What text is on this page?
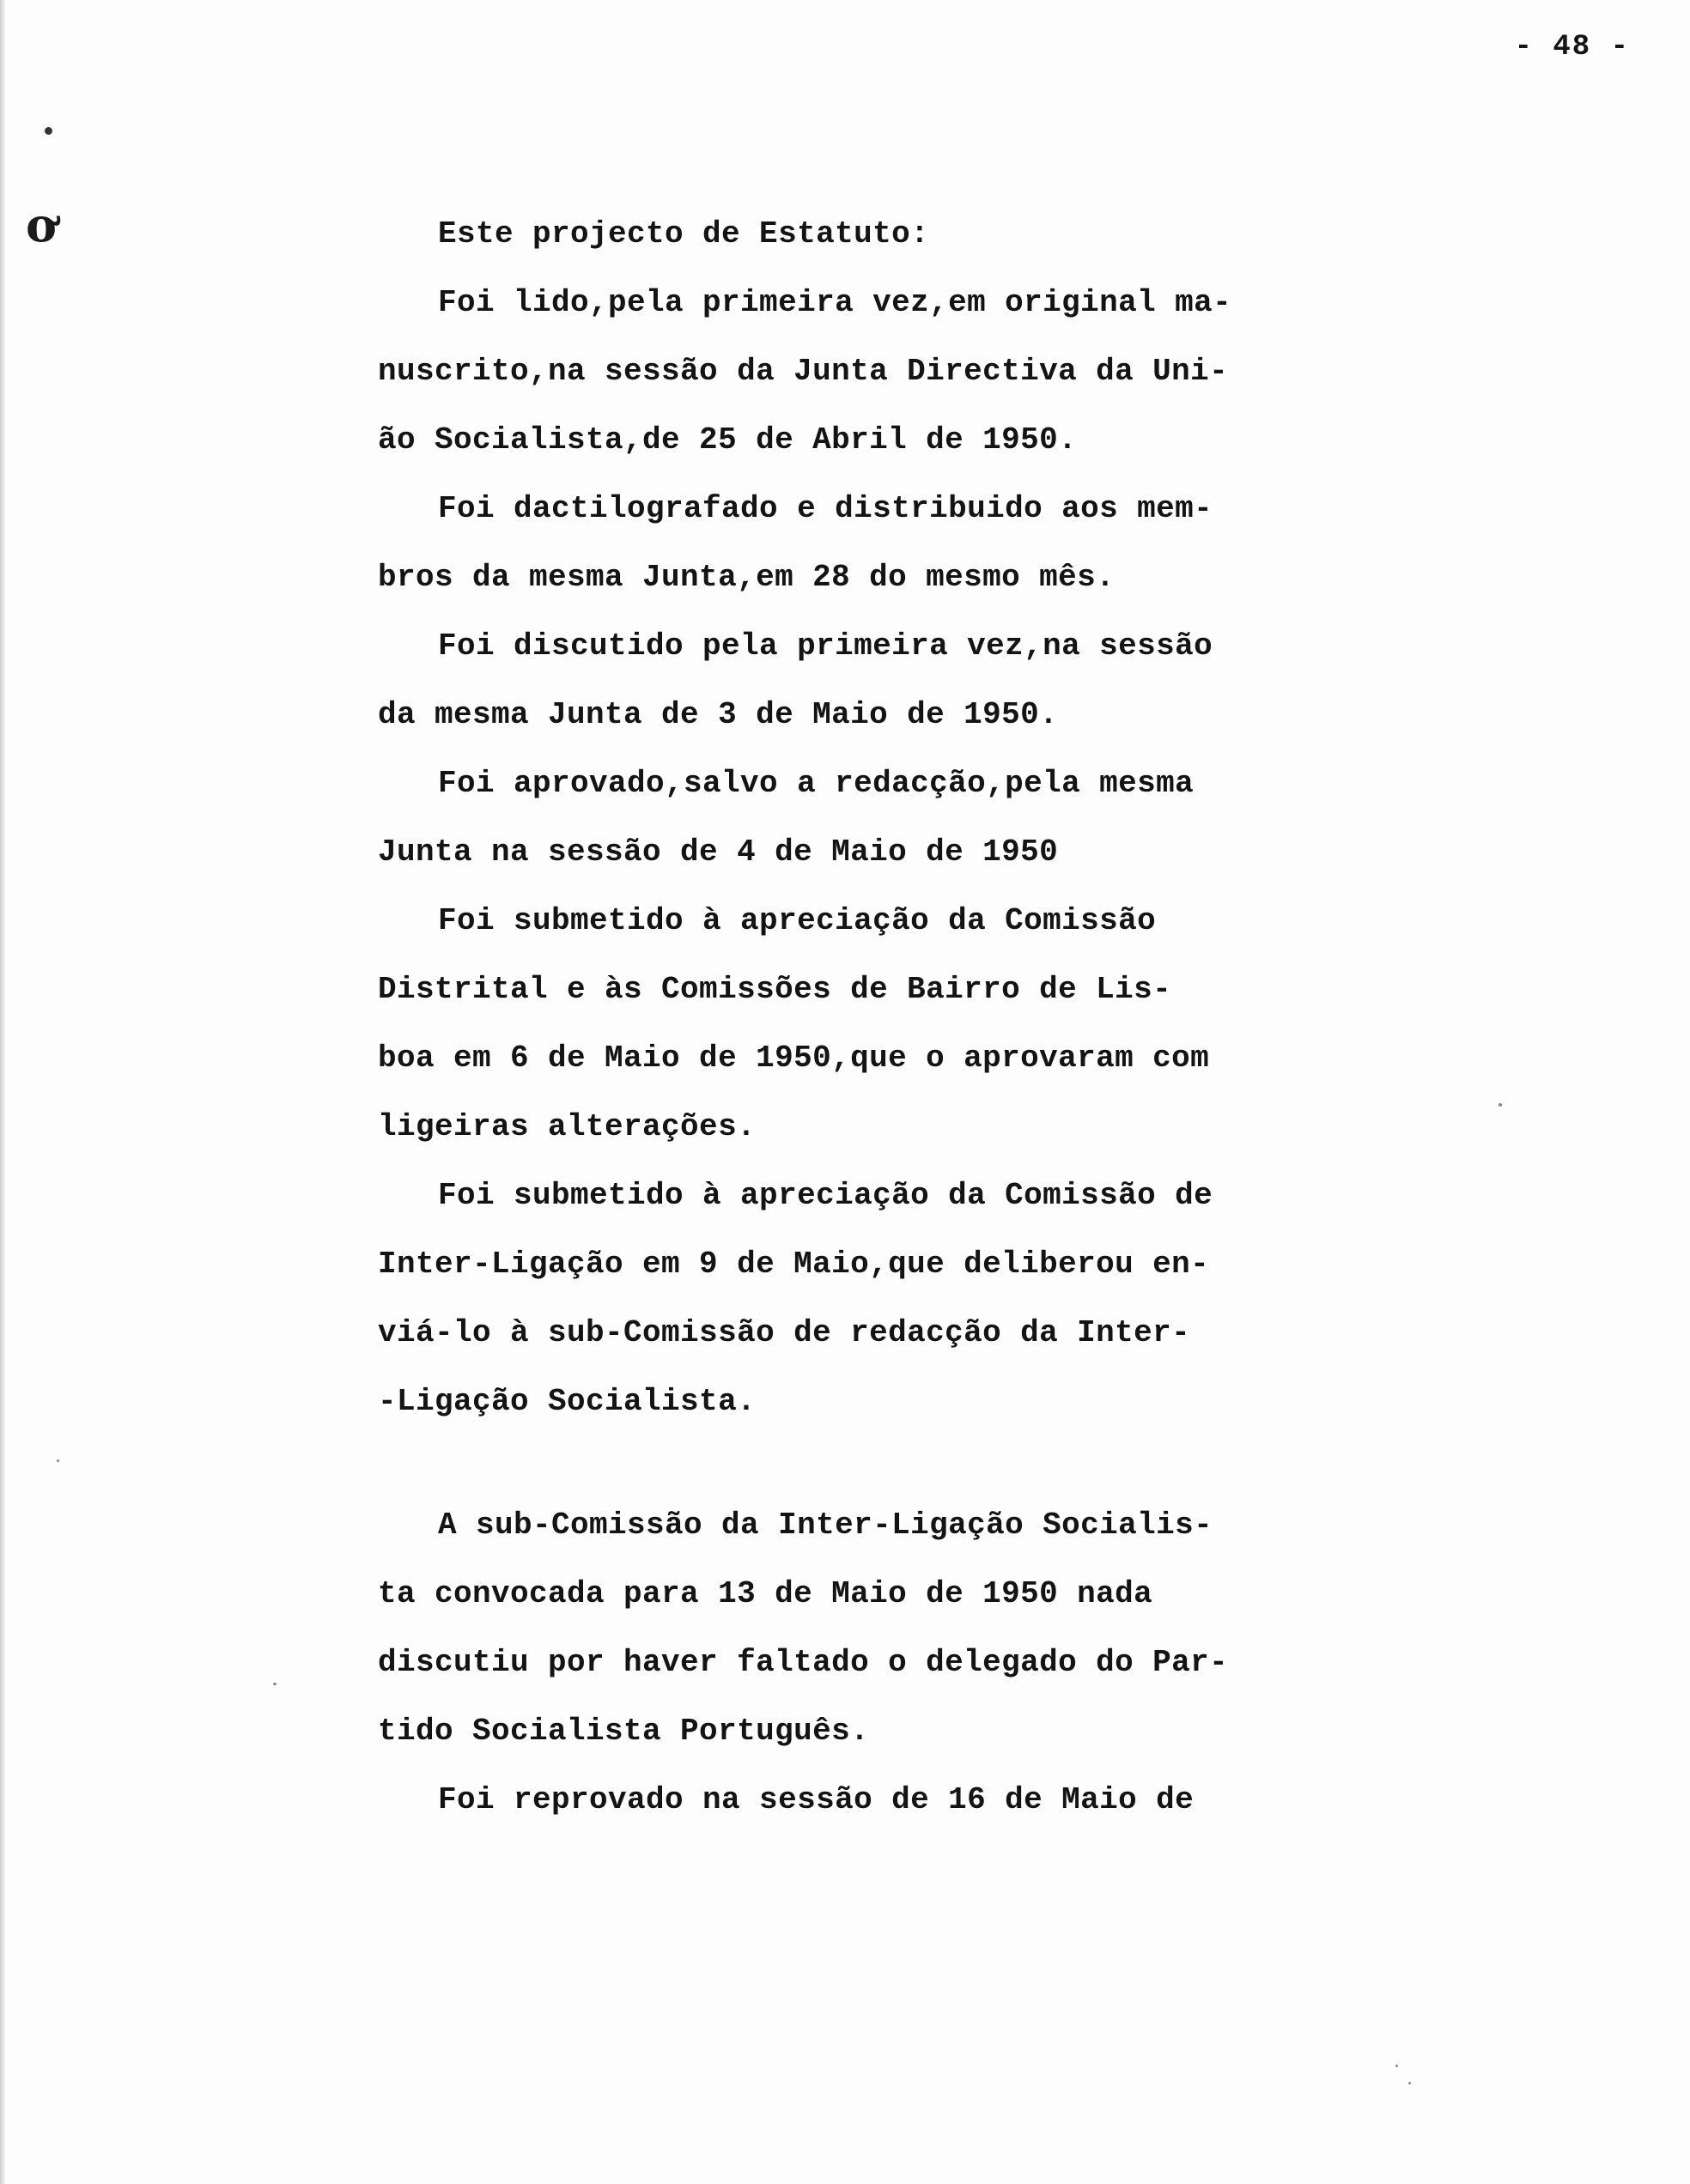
- 48 -
ơ	Este projecto de Estatuto:
Foi lido,pela primeira vez,em original ma-
nuscrito,na sessão da Junta Directiva da Uni-
ão Socialista,de 25 de Abril de 1950.
Foi dactilografado e distribuido aos mem-
bros da mesma Junta,em 28 do mesmo mês.
Foi discutido pela primeira vez,na sessão
da mesma Junta de 3 de Maio de 1950.
Foi aprovado,salvo a redacção,pela mesma
Junta na sessão de 4 de Maio de 1950
Foi submetido à apreciação da Comissão
Distrital e às Comissões de Bairro de Lis-
boa em 6 de Maio de 1950,que o aprovaram com
ligeiras alterações.
Foi submetido à apreciação da Comissão de
Inter-Ligação em 9 de Maio,que deliberou en-
viá-lo à sub-Comissão de redacção da Inter-
-Ligação Socialista.
A sub-Comissão da Inter-Ligação Socialis-
ta convocada para 13 de Maio de 1950 nada
discutiu por haver faltado o delegado do Par-
tido Socialista Português.
Foi reprovado na sessão de 16 de Maio de
